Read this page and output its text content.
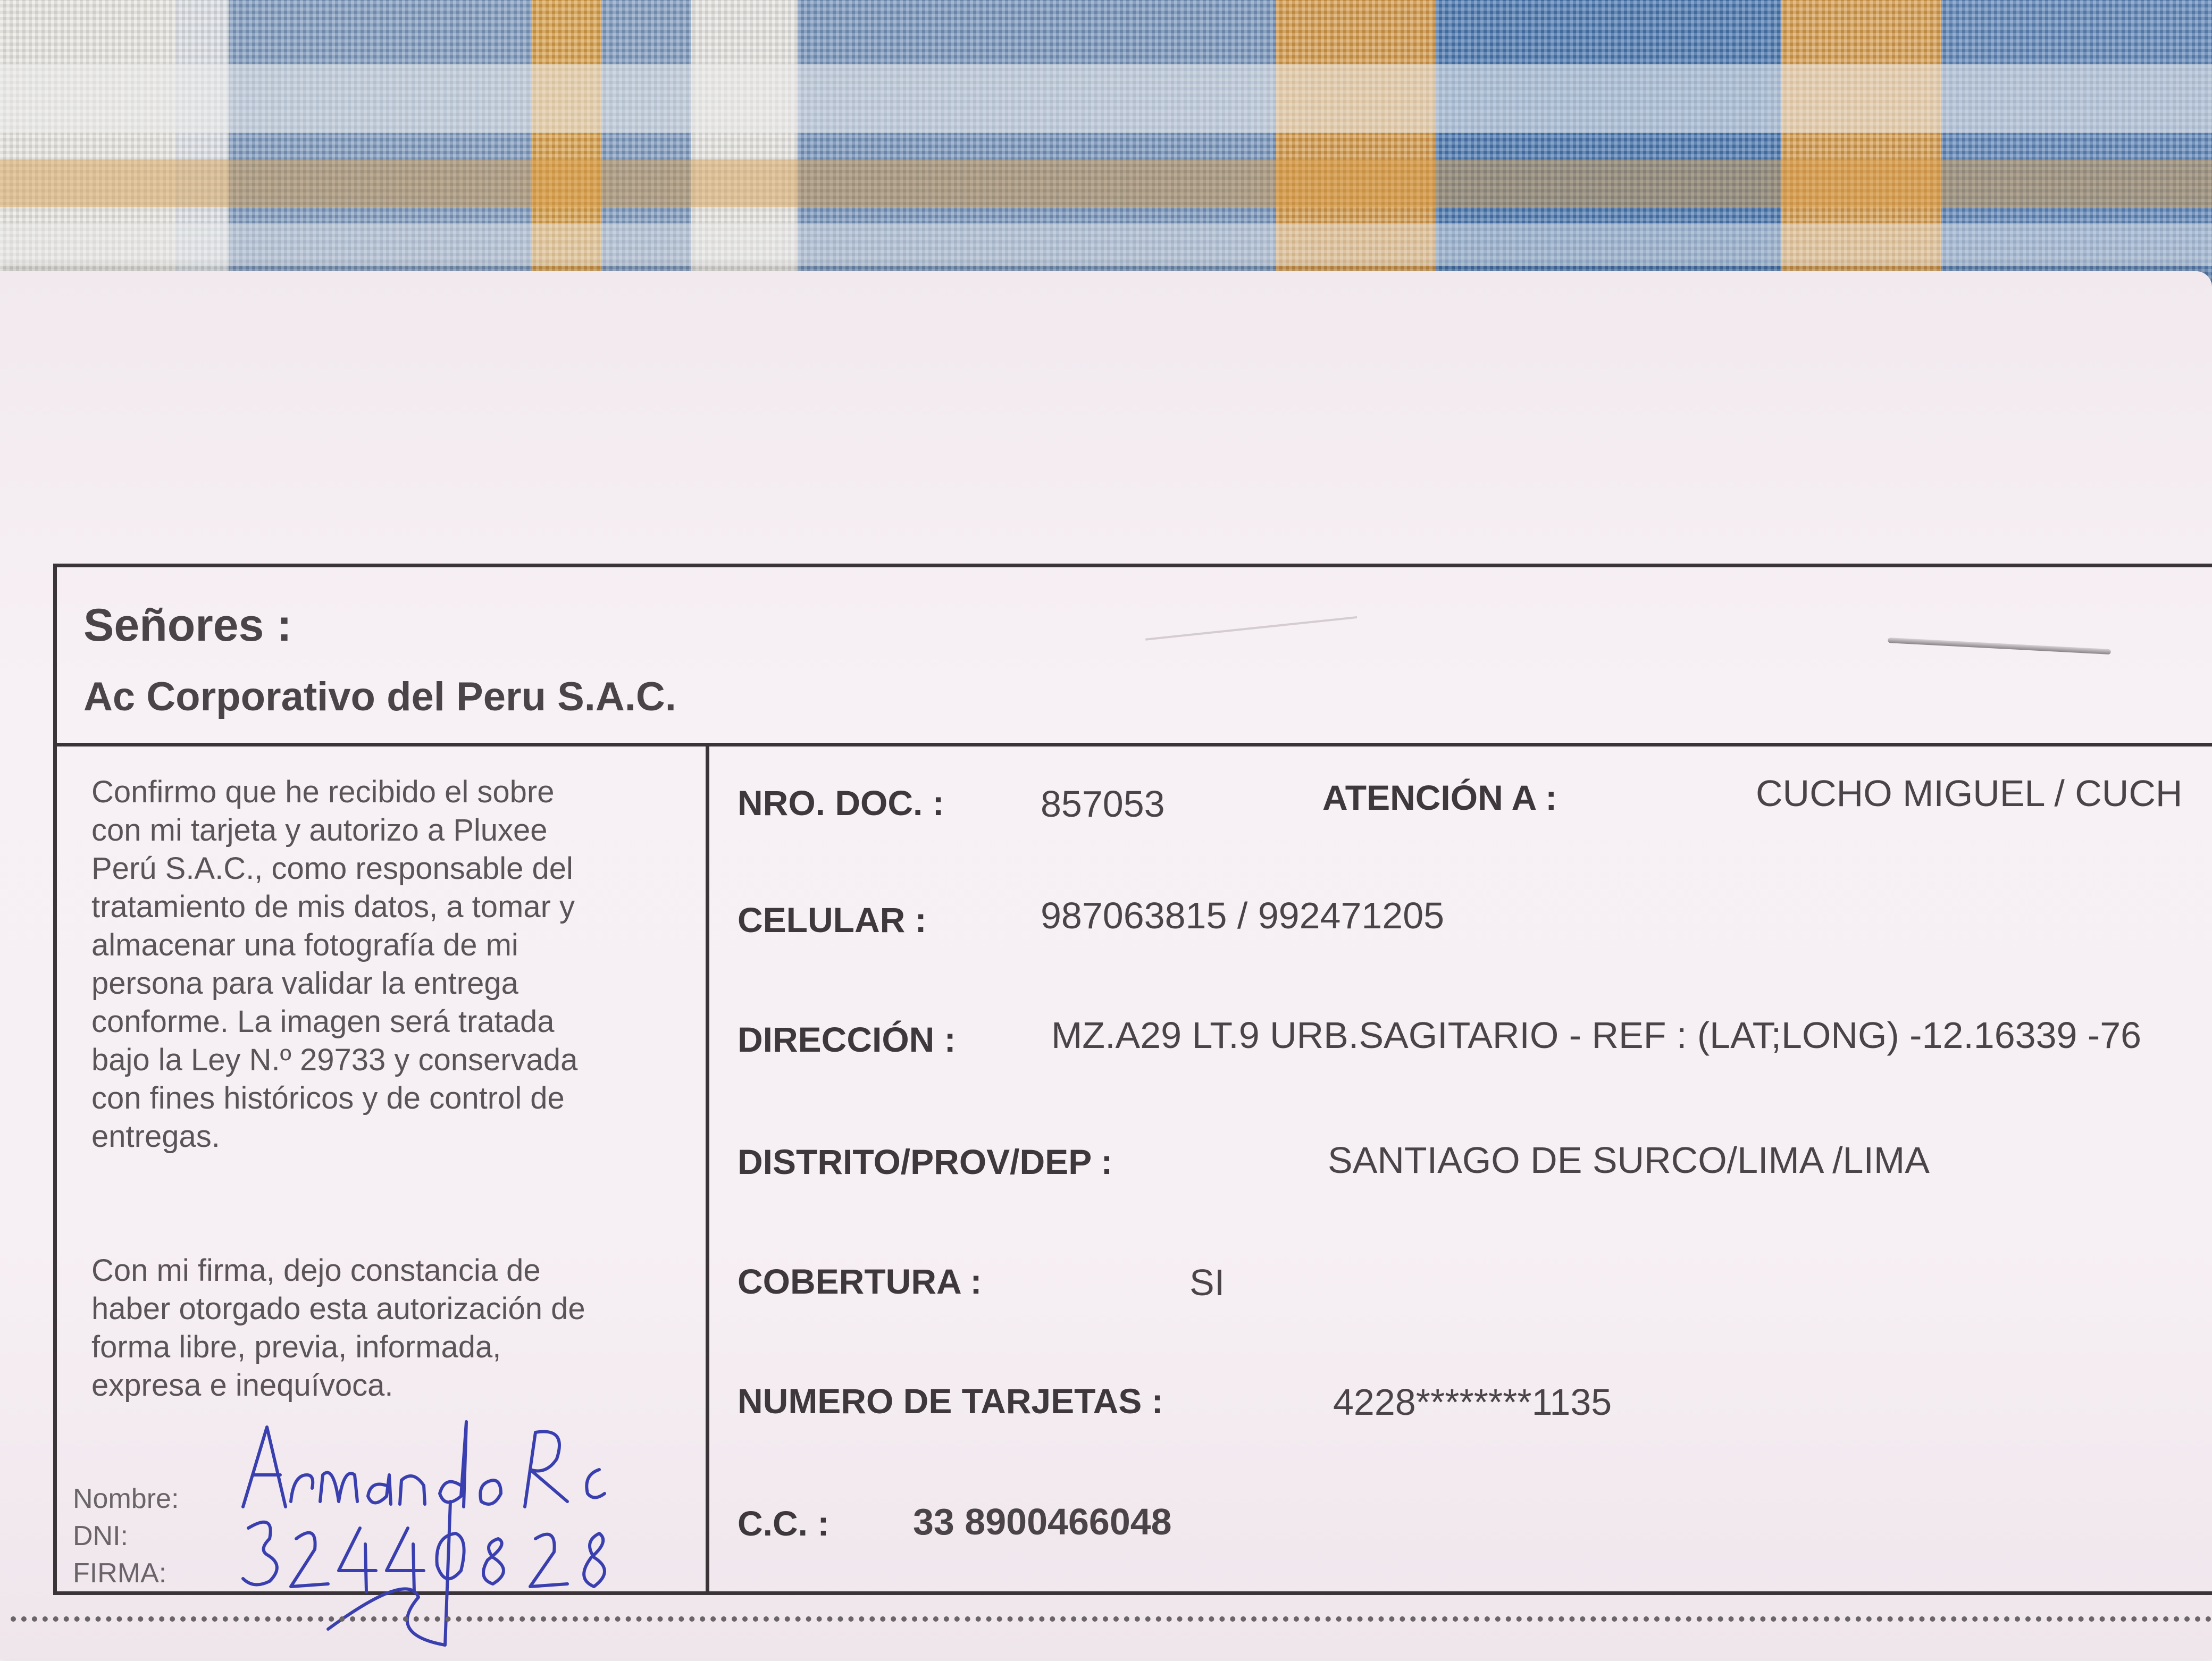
Señores :
Ac Corporativo del Peru S.A.C.
Confirmo que he recibido el sobre
con mi tarjeta y autorizo a Pluxee
Perú S.A.C., como responsable del
tratamiento de mis datos, a tomar y
almacenar una fotografía de mi
persona para validar la entrega
conforme. La imagen será tratada
bajo la Ley N.º 29733 y conservada
con fines históricos y de control de
entregas.
Con mi firma, dejo constancia de
haber otorgado esta autorización de
forma libre, previa, informada,
expresa e inequívoca.
Nombre:
DNI:
FIRMA:
NRO. DOC. :	857053	ATENCIÓN A :	CUCHO MIGUEL / CUCH
CELULAR :	987063815 / 992471205
DIRECCIÓN :	MZ.A29 LT.9 URB.SAGITARIO - REF : (LAT;LONG) -12.16339 -76
DISTRITO/PROV/DEP :	SANTIAGO DE SURCO/LIMA /LIMA
COBERTURA :	SI
NUMERO DE TARJETAS :	4228********1135
C.C. : 33 8900466048
